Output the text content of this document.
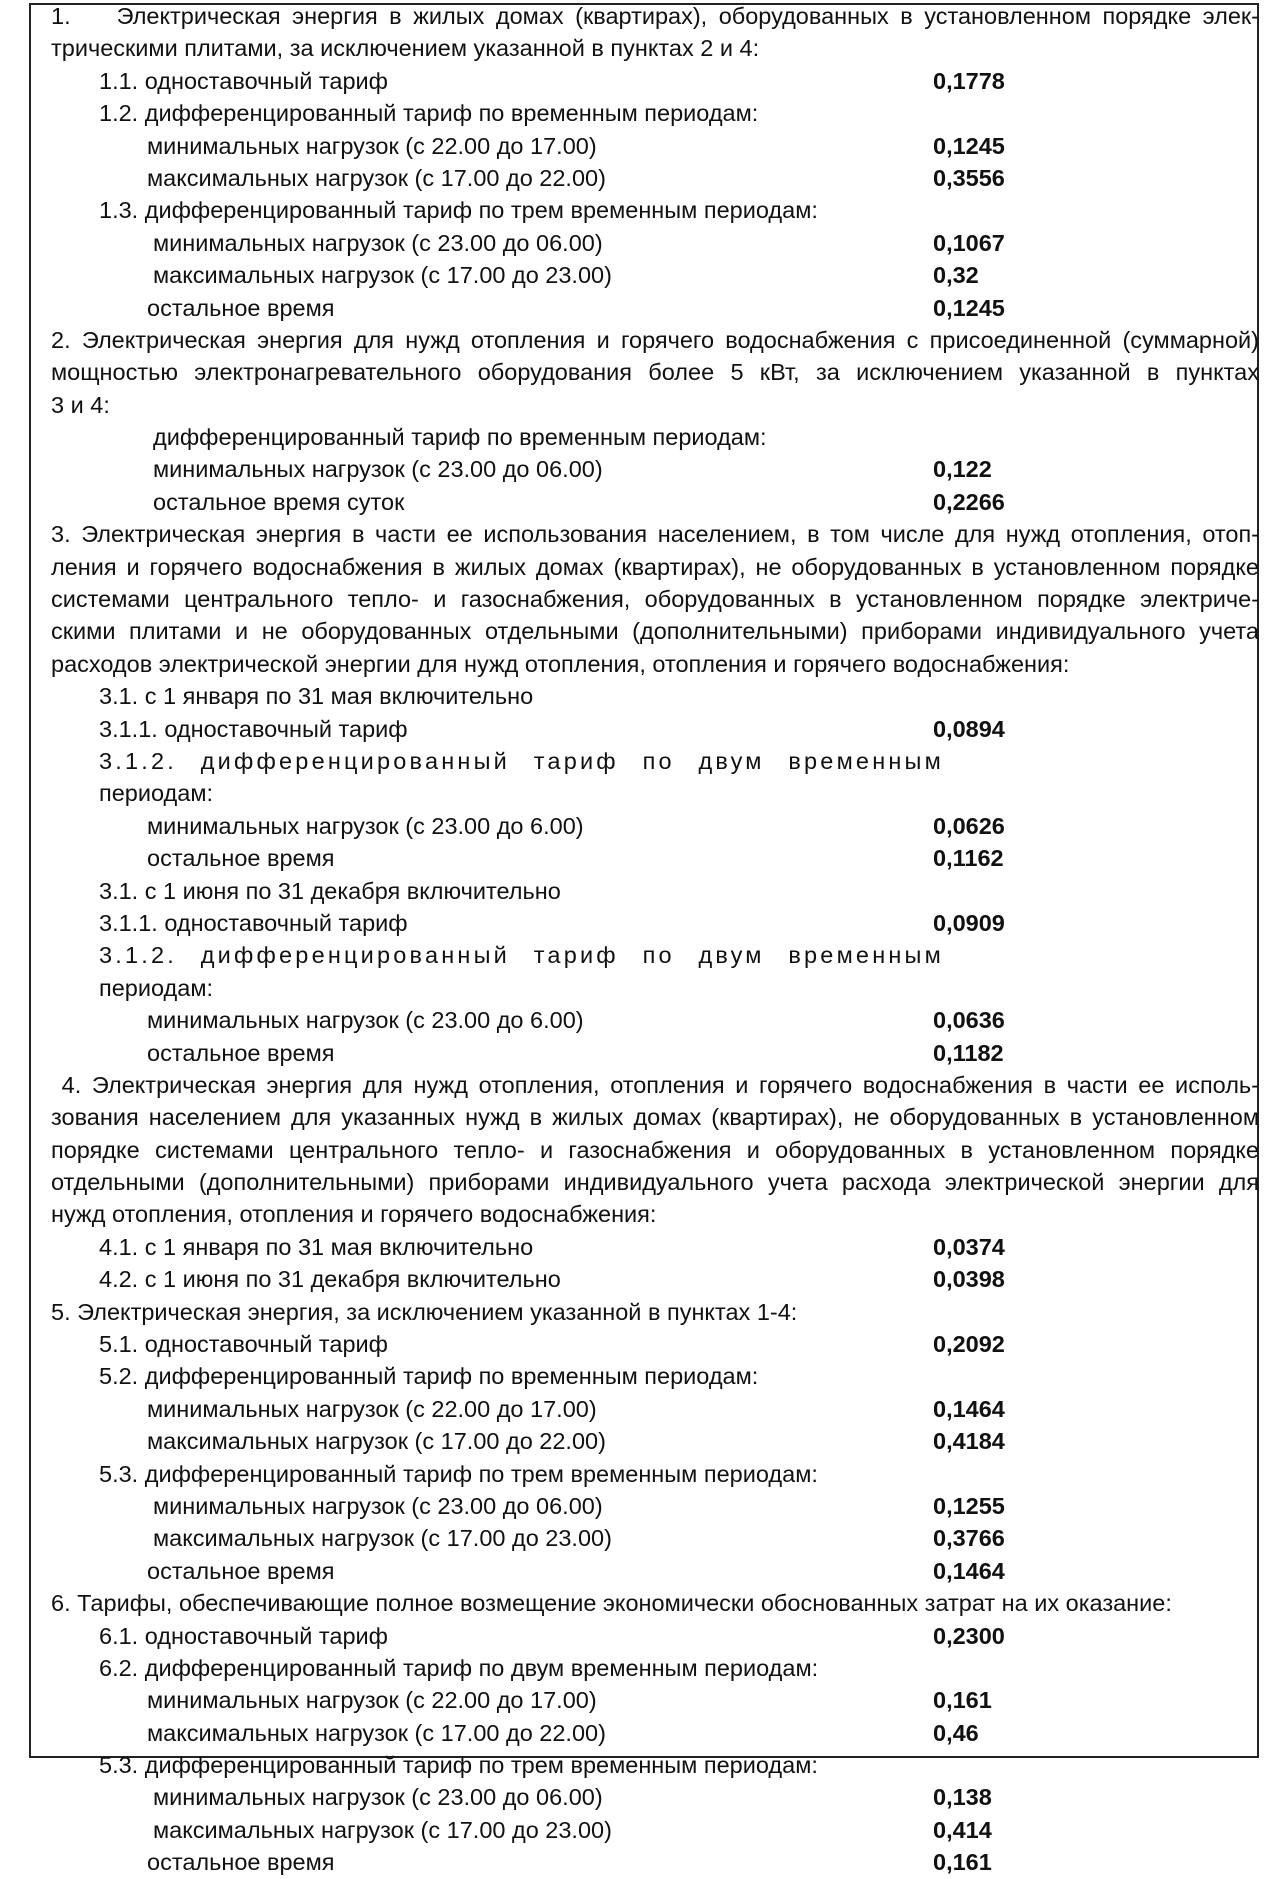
1.    Электрическая энергия в жилых домах (квартирах), оборудованных в установленном порядке элек-
трическими плитами, за исключением указанной в пунктах 2 и 4:
1.1. одноставочный тариф	0,1778
1.2. дифференцированный тариф по временным периодам:
минимальных нагрузок (с 22.00 до 17.00)	0,1245
максимальных нагрузок (с 17.00 до 22.00)	0,3556
1.3. дифференцированный тариф по трем временным периодам:
минимальных нагрузок (с 23.00 до 06.00)	0,1067
максимальных нагрузок (с 17.00 до 23.00)	0,32
остальное время	0,1245
2. Электрическая энергия для нужд отопления и горячего водоснабжения с присоединенной (суммарной)
мощностью электронагревательного оборудования более 5 кВт, за исключением указанной в пунктах
3 и 4:
дифференцированный тариф по временным периодам:
минимальных нагрузок (с 23.00 до 06.00)	0,122
остальное время суток	0,2266
3. Электрическая энергия в части ее использования населением, в том числе для нужд отопления, отоп-
ления и горячего водоснабжения в жилых домах (квартирах), не оборудованных в установленном порядке
системами центрального тепло- и газоснабжения, оборудованных в установленном порядке электриче-
скими плитами и не оборудованных отдельными (дополнительными) приборами индивидуального учета
расходов электрической энергии для нужд отопления, отопления и горячего водоснабжения:
3.1. с 1 января по 31 мая включительно
3.1.1. одноставочный тариф	0,0894
3.1.2. дифференцированный тариф по двум временным
периодам:
минимальных нагрузок (с 23.00 до 6.00)	0,0626
остальное время	0,1162
3.1. с 1 июня по 31 декабря включительно
3.1.1. одноставочный тариф	0,0909
3.1.2. дифференцированный тариф по двум временным
периодам:
минимальных нагрузок (с 23.00 до 6.00)	0,0636
остальное время	0,1182
4. Электрическая энергия для нужд отопления, отопления и горячего водоснабжения в части ее исполь-
зования населением для указанных нужд в жилых домах (квартирах), не оборудованных в установленном
порядке системами центрального тепло- и газоснабжения и оборудованных в установленном порядке
отдельными (дополнительными) приборами индивидуального учета расхода электрической энергии для
нужд отопления, отопления и горячего водоснабжения:
4.1. с 1 января по 31 мая включительно	0,0374
4.2. с 1 июня по 31 декабря включительно	0,0398
5. Электрическая энергия, за исключением указанной в пунктах 1-4:
5.1. одноставочный тариф	0,2092
5.2. дифференцированный тариф по временным периодам:
минимальных нагрузок (с 22.00 до 17.00)	0,1464
максимальных нагрузок (с 17.00 до 22.00)	0,4184
5.3. дифференцированный тариф по трем временным периодам:
минимальных нагрузок (с 23.00 до 06.00)	0,1255
максимальных нагрузок (с 17.00 до 23.00)	0,3766
остальное время	0,1464
6. Тарифы, обеспечивающие полное возмещение экономически обоснованных затрат на их оказание:
6.1. одноставочный тариф	0,2300
6.2. дифференцированный тариф по двум временным периодам:
минимальных нагрузок (с 22.00 до 17.00)	0,161
максимальных нагрузок (с 17.00 до 22.00)	0,46
5.3. дифференцированный тариф по трем временным периодам:
минимальных нагрузок (с 23.00 до 06.00)	0,138
максимальных нагрузок (с 17.00 до 23.00)	0,414
остальное время	0,161
